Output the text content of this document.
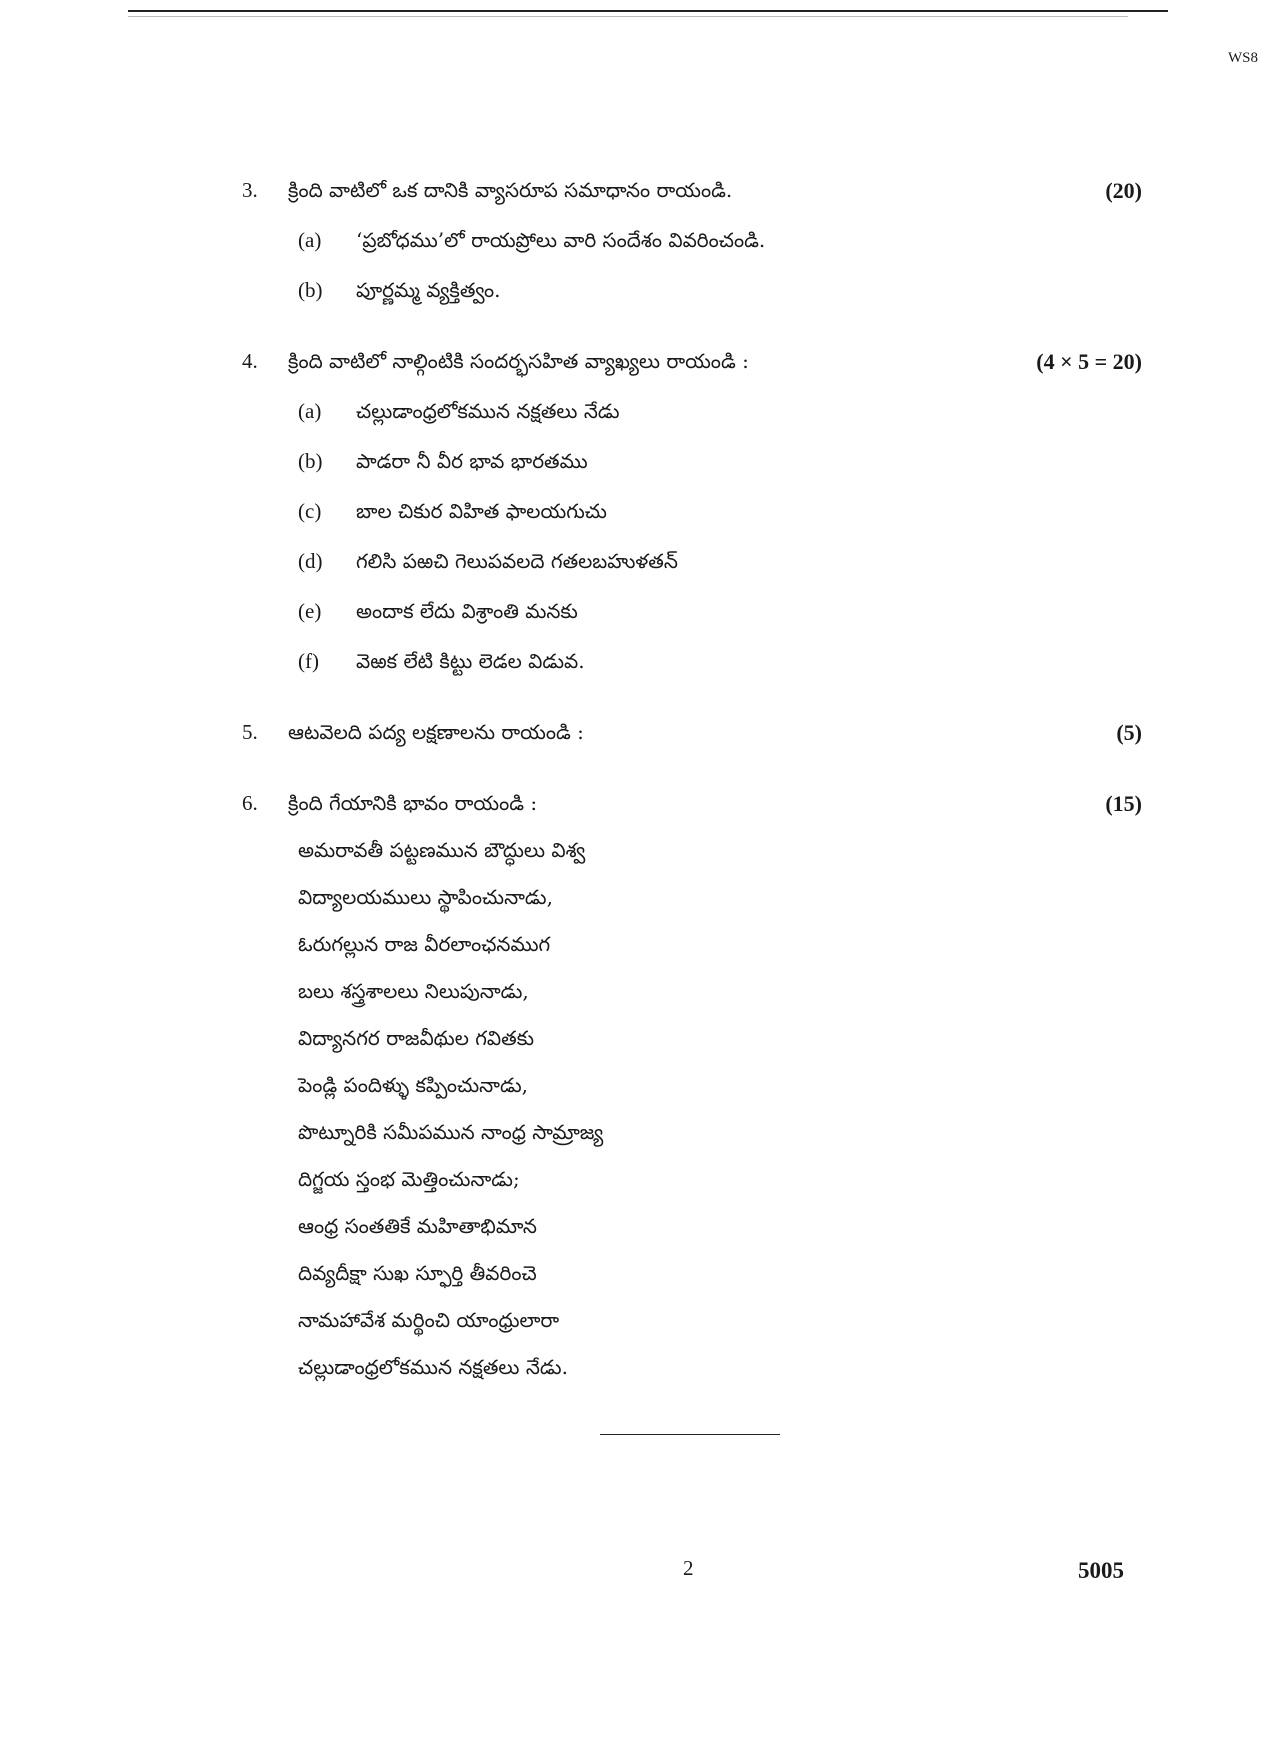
WS8
3. క్రింది వాటిలో ఒక దానికి వ్యాసరూప సమాధానం రాయండి.	(20)
(a) ‘ప్రబోధము’లో రాయప్రోలు వారి సందేశం వివరించండి.
(b) పూర్ణమ్మ వ్యక్తిత్వం.
4. క్రింది వాటిలో నాల్గింటికి సందర్భసహిత వ్యాఖ్యలు రాయండి :	(4 × 5 = 20)
(a) చల్లుడాంధ్రలోకమున నక్షతలు నేడు
(b) పాడరా నీ వీర భావ భారతము
(c) బాల చికుర విహిత ఫాలయగుచు
(d) గలిసి పఱచి గెలుపవలదె గతలబహుళతన్
(e) అందాక లేదు విశ్రాంతి మనకు
(f) వెఱక లేటి కిట్టు లెడల విడువ.
5. ఆటవెలది పద్య లక్షణాలను రాయండి :	(5)
6. క్రింది గేయానికి భావం రాయండి :	(15)
అమరావతీ పట్టణమున బౌద్ధులు విశ్వ
విద్యాలయములు స్థాపించునాడు,
ఓరుగల్లున రాజ వీరలాంఛనముగ
బలు శస్త్రశాలలు నిలుపునాడు,
విద్యానగర రాజవీథుల గవితకు
పెండ్లి పందిళ్ళు కప్పించునాడు,
పొట్నూరికి సమీపమున నాంధ్ర సామ్రాజ్య
దిగ్జయ స్తంభ మెత్తించునాడు;
ఆంధ్ర సంతతికే మహితాభిమాన
దివ్యదీక్షా సుఖ స్ఫూర్తి తీవరించె
నామహావేశ మర్థించి యాంధ్రులారా
చల్లుడాంధ్రలోకమున నక్షతలు నేడు.
2	5005
